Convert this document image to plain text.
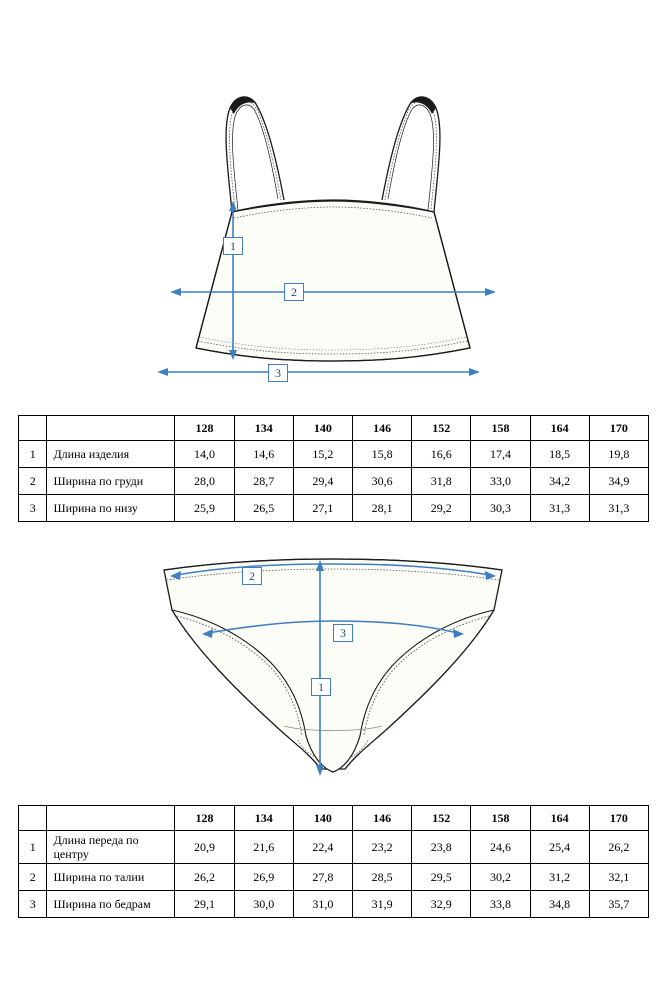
1
2
3
		128	134	140	146	152	158	164	170
1	Длина изделия	14,0	14,6	15,2	15,8	16,6	17,4	18,5	19,8
2	Ширина по груди	28,0	28,7	29,4	30,6	31,8	33,0	34,2	34,9
3	Ширина по низу	25,9	26,5	27,1	28,1	29,2	30,3	31,3	31,3
2
3
1
		128	134	140	146	152	158	164	170
1	Длина переда по центру	20,9	21,6	22,4	23,2	23,8	24,6	25,4	26,2
2	Ширина по талии	26,2	26,9	27,8	28,5	29,5	30,2	31,2	32,1
3	Ширина по бедрам	29,1	30,0	31,0	31,9	32,9	33,8	34,8	35,7
